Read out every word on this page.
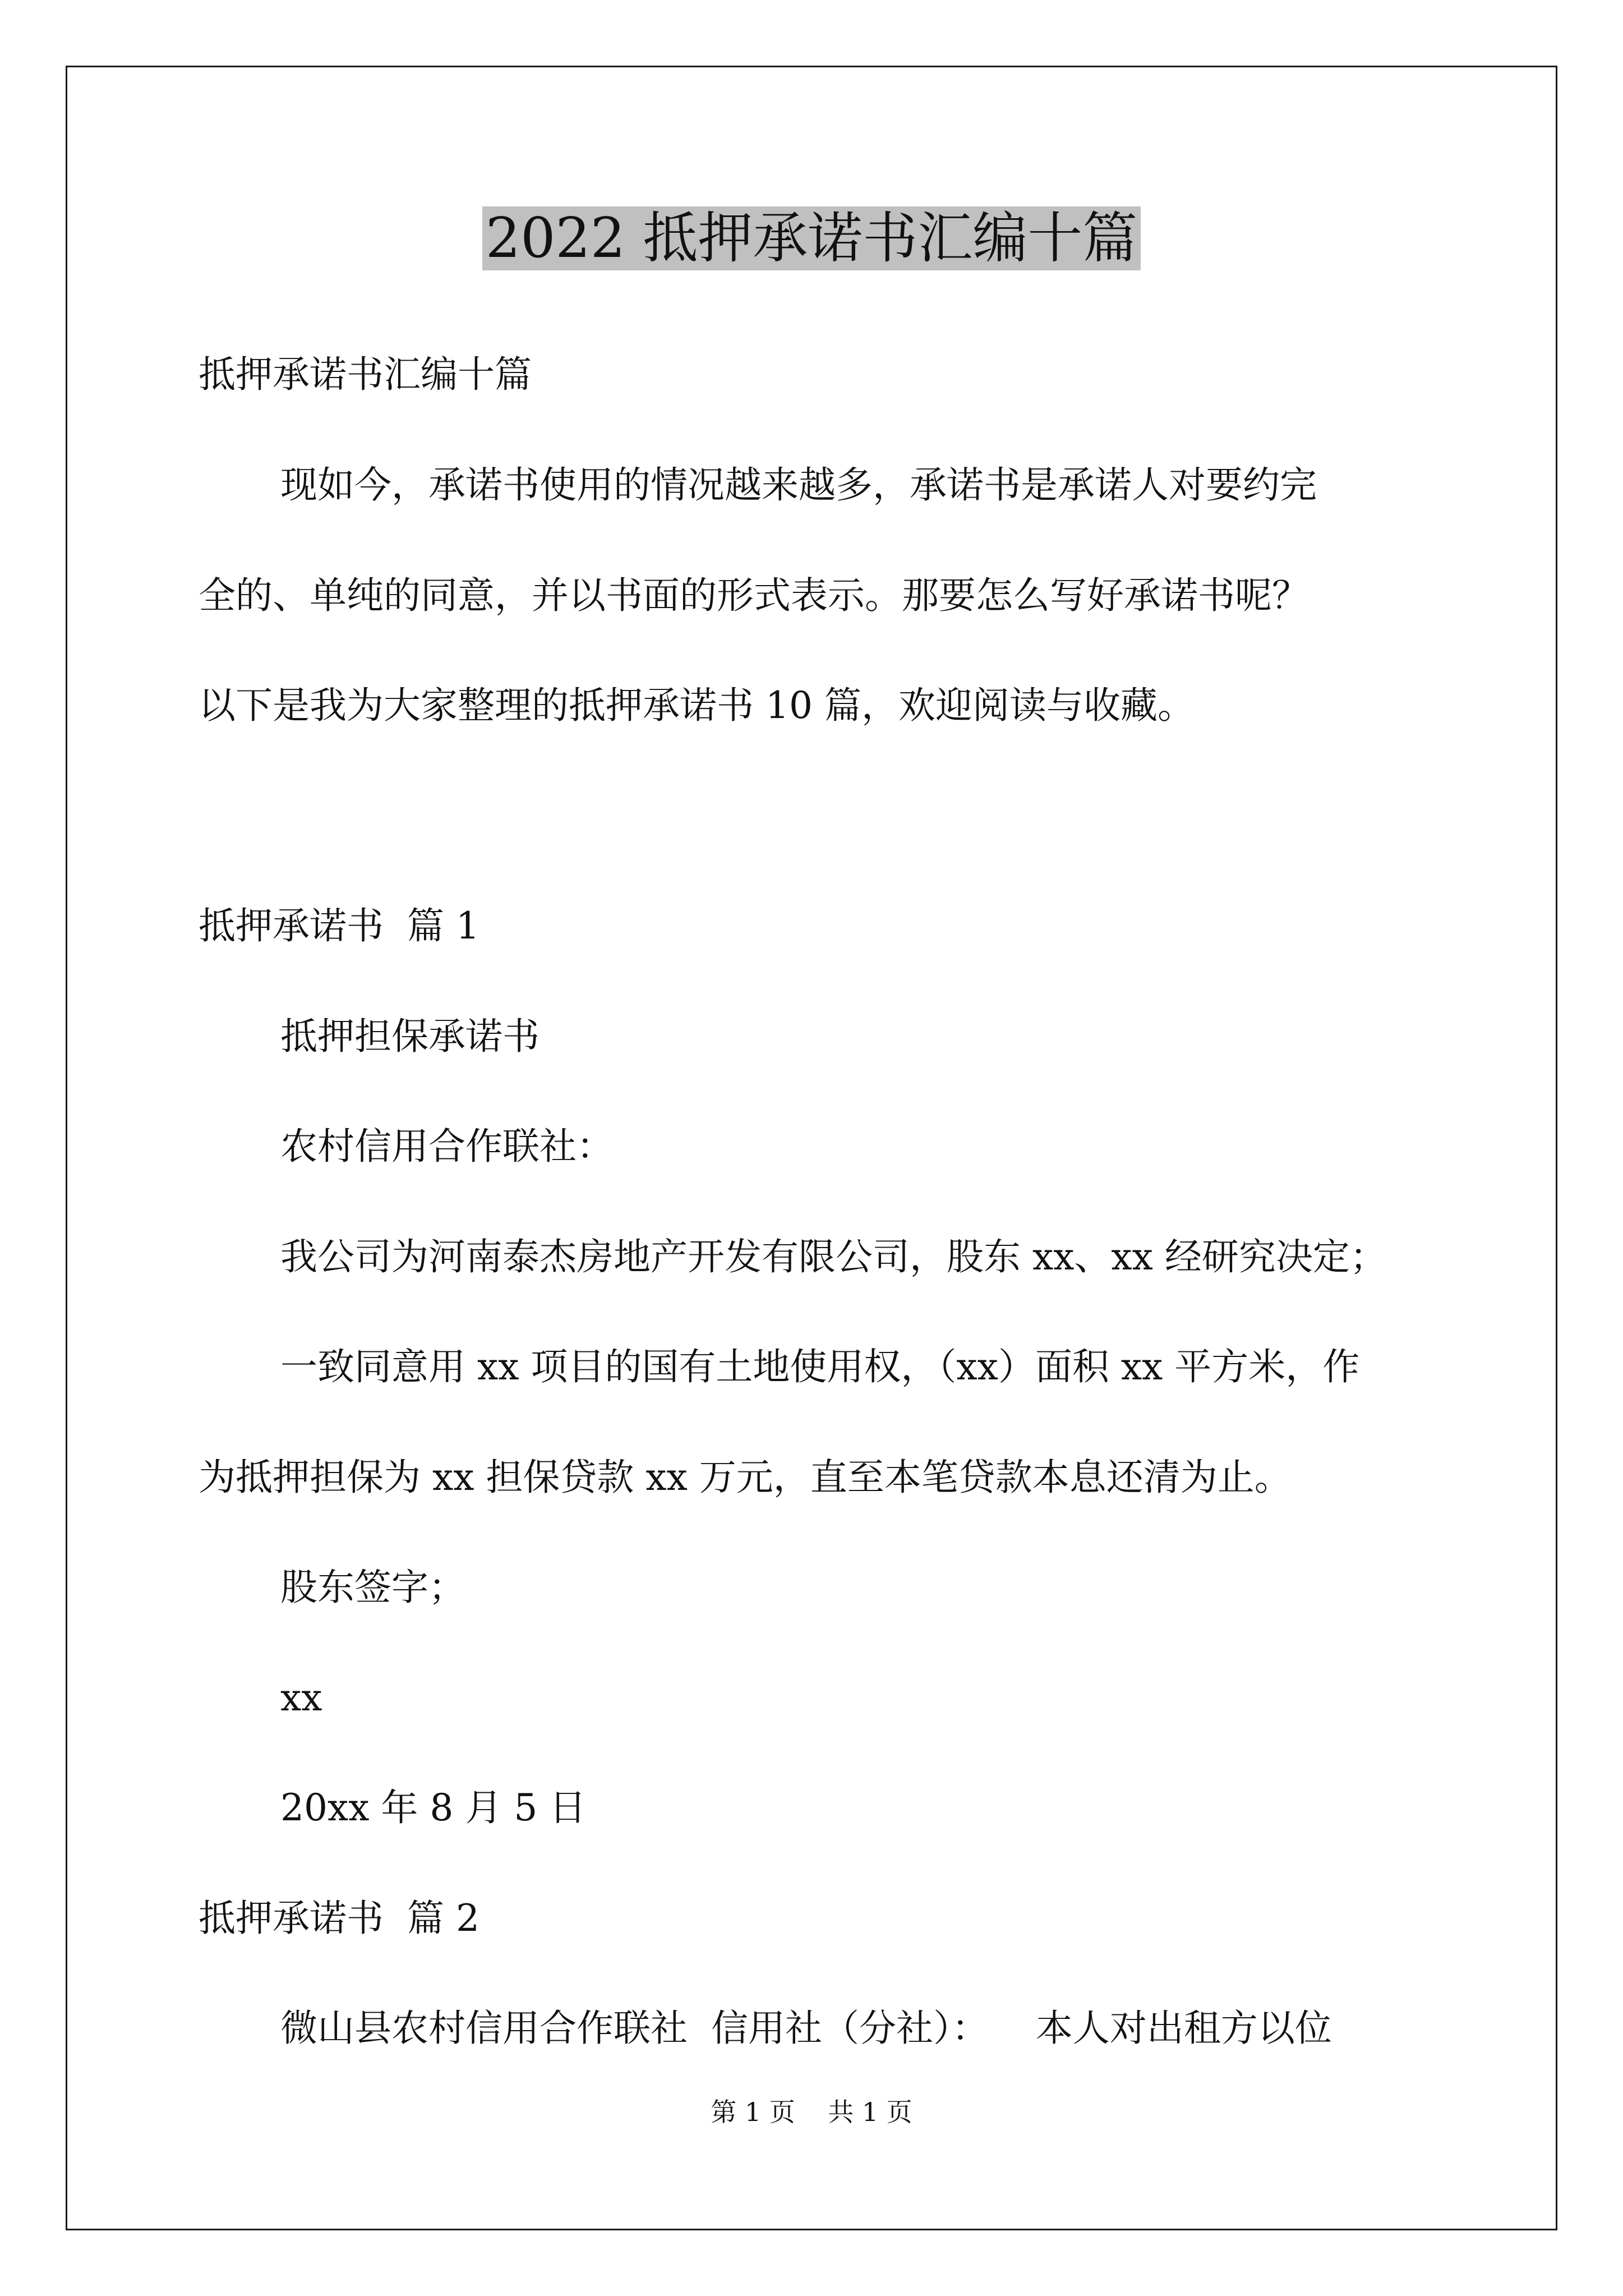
2022 抵押承诺书汇编十篇

抵押承诺书汇编十篇

现如今，承诺书使用的情况越来越多，承诺书是承诺人对要约完

全的、单纯的同意，并以书面的形式表示。那要怎么写好承诺书呢？

以下是我为大家整理的抵押承诺书 10 篇，欢迎阅读与收藏。

抵押承诺书  篇 1

抵押担保承诺书

农村信用合作联社：

我公司为河南泰杰房地产开发有限公司，股东 xx、xx 经研究决定；

一致同意用 xx 项目的国有土地使用权，（xx）面积 xx 平方米，作

为抵押担保为 xx 担保贷款 xx 万元，直至本笔贷款本息还清为止。

股东签字；

xx

20xx 年 8 月 5 日

抵押承诺书  篇 2

微山县农村信用合作联社  信用社（分社）：    本人对出租方以位

第 1 页    共 1 页
